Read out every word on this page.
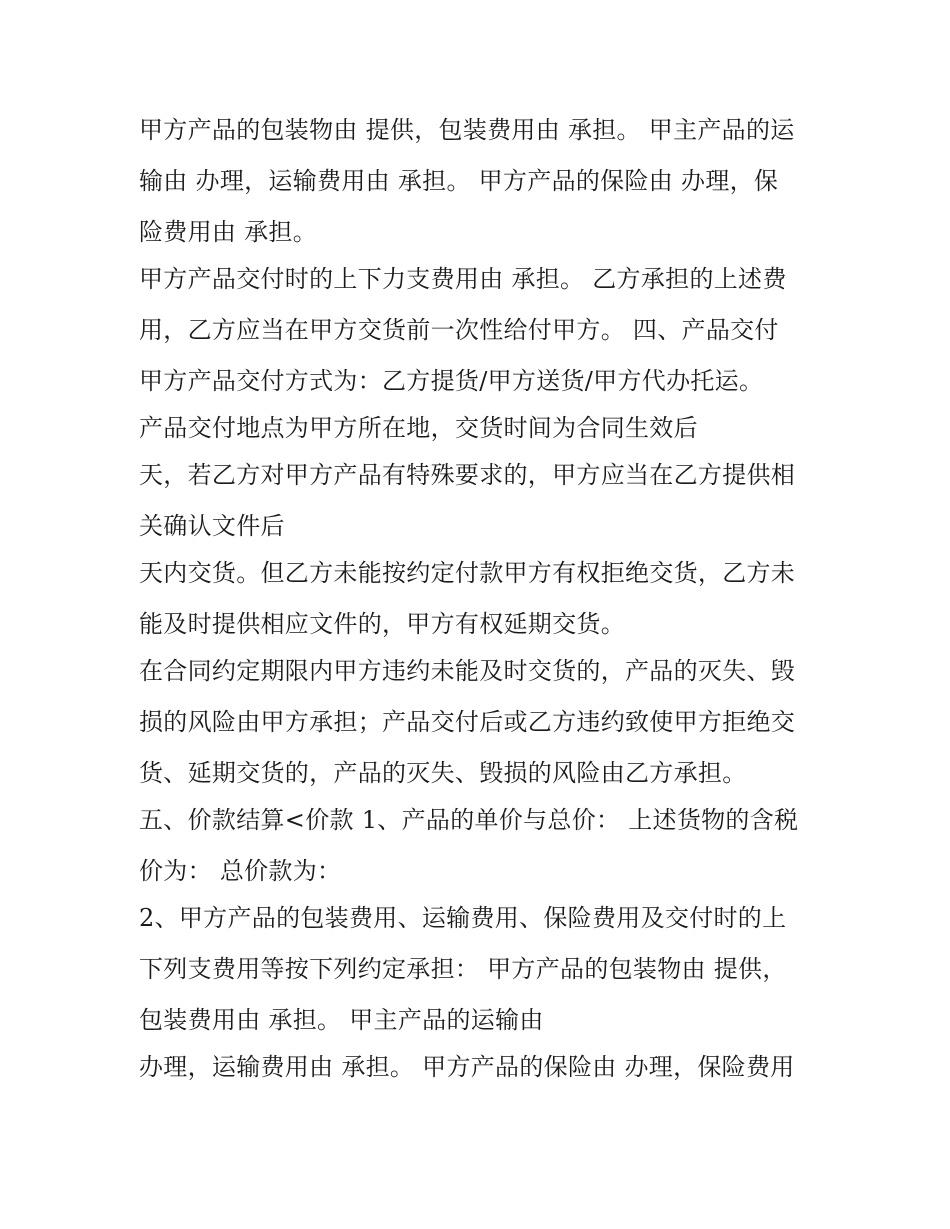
甲方产品的包装物由 提供，包装费用由 承担。 甲主产品的运
输由 办理，运输费用由 承担。 甲方产品的保险由 办理，保
险费用由 承担。
甲方产品交付时的上下力支费用由 承担。 乙方承担的上述费
用，乙方应当在甲方交货前一次性给付甲方。 四、产品交付
甲方产品交付方式为：乙方提货/甲方送货/甲方代办托运。
产品交付地点为甲方所在地，交货时间为合同生效后
天，若乙方对甲方产品有特殊要求的，甲方应当在乙方提供相
关确认文件后
天内交货。但乙方未能按约定付款甲方有权拒绝交货，乙方未
能及时提供相应文件的，甲方有权延期交货。
在合同约定期限内甲方违约未能及时交货的，产品的灭失、毁
损的风险由甲方承担；产品交付后或乙方违约致使甲方拒绝交
货、延期交货的，产品的灭失、毁损的风险由乙方承担。
五、价款结算<价款 1、产品的单价与总价： 上述货物的含税
价为： 总价款为：
2、甲方产品的包装费用、运输费用、保险费用及交付时的上
下列支费用等按下列约定承担： 甲方产品的包装物由 提供，
包装费用由 承担。 甲主产品的运输由
办理，运输费用由 承担。 甲方产品的保险由 办理，保险费用
